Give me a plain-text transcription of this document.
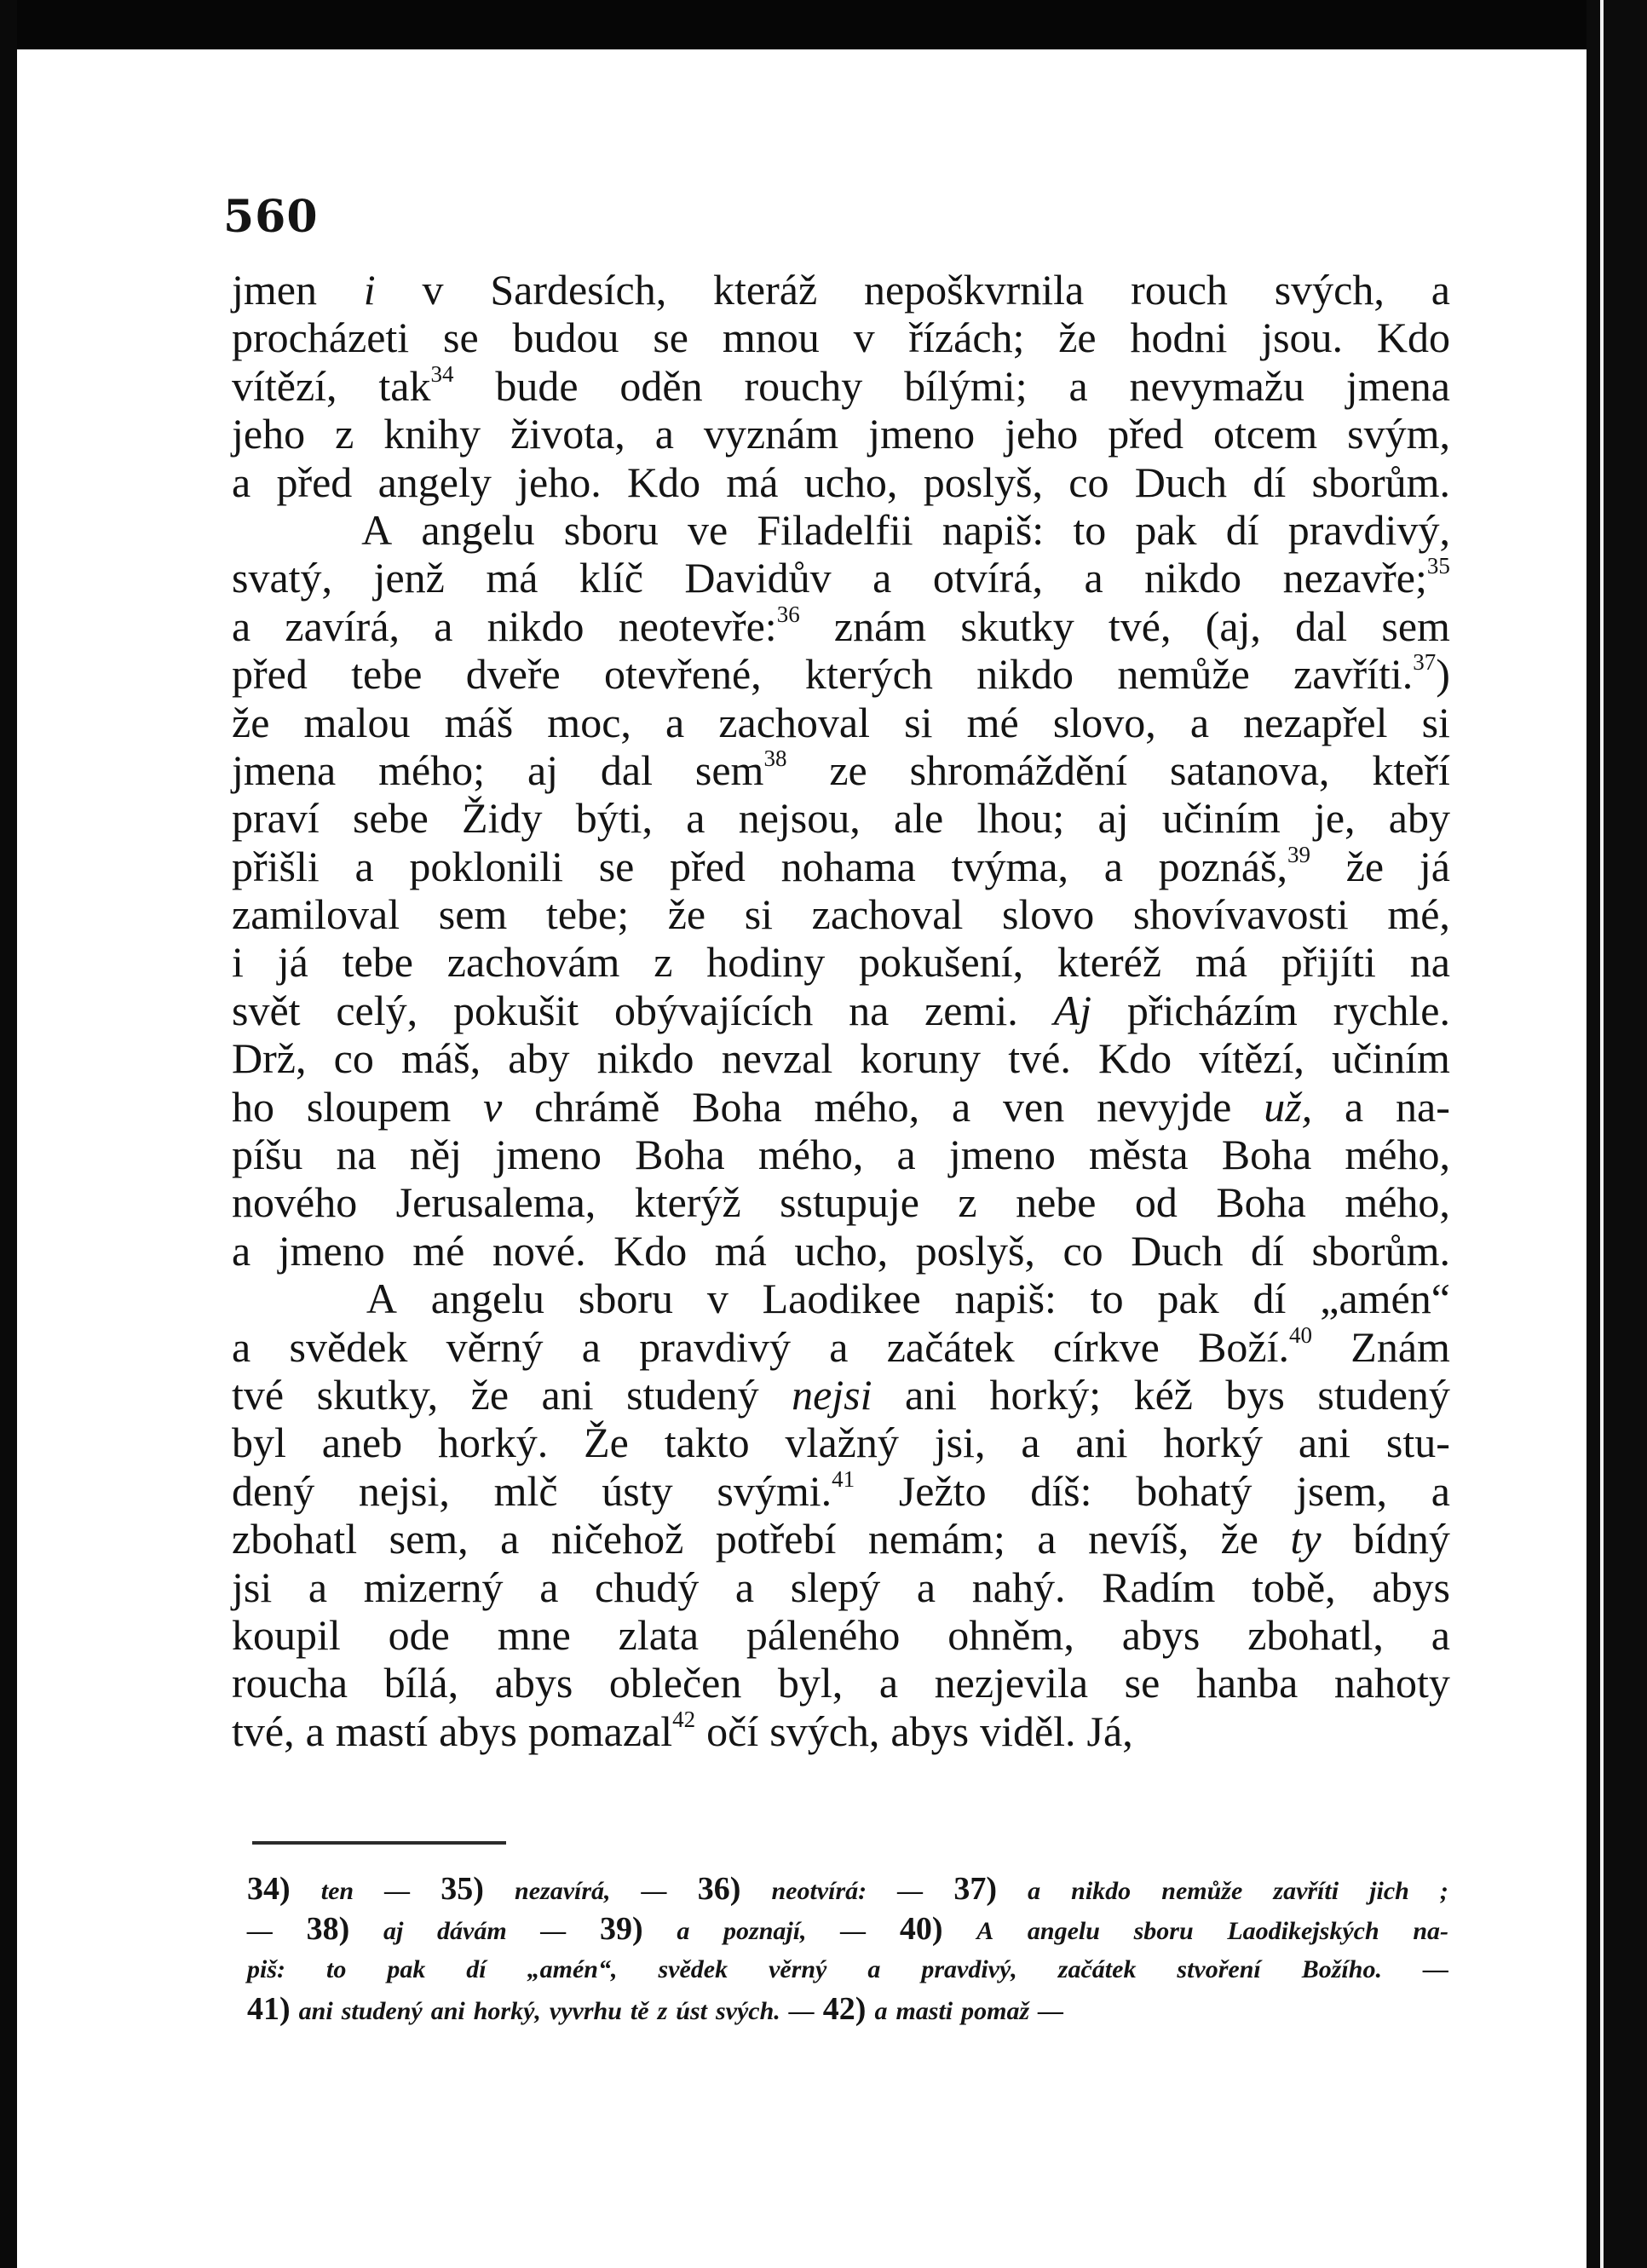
560
jmen i v Sardesích, kteráž nepoškvrnila rouch svých, a
procházeti se budou se mnou v řízách; že hodni jsou. Kdo
vítězí, tak$^{34}$ bude oděn rouchy bílými; a nevymažu jmena
jeho z knihy života, a vyznám jmeno jeho před otcem svým,
a před angely jeho. Kdo má ucho, poslyš, co Duch dí sborům.
A angelu sboru ve Filadelfii napiš: to pak dí pravdivý,
svatý, jenž má klíč Davidův a otvírá, a nikdo nezavře;$^{35}$
a zavírá, a nikdo neotevře:$^{36}$ znám skutky tvé, (aj, dal sem
před tebe dveře otevřené, kterých nikdo nemůže zavříti.$^{37}$)
že malou máš moc, a zachoval si mé slovo, a nezapřel si
jmena mého; aj dal sem$^{38}$ ze shromáždění satanova, kteří
praví sebe Židy býti, a nejsou, ale lhou; aj učiním je, aby
přišli a poklonili se před nohama tvýma, a poznáš,$^{39}$ že já
zamiloval sem tebe; že si zachoval slovo shovívavosti mé,
i já tebe zachovám z hodiny pokušení, kteréž má přijíti na
svět celý, pokušit obývajících na zemi. Aj přicházím rychle.
Drž, co máš, aby nikdo nevzal koruny tvé. Kdo vítězí, učiním
ho sloupem v chrámě Boha mého, a ven nevyjde už, a na-
píšu na něj jmeno Boha mého, a jmeno města Boha mého,
nového Jerusalema, kterýž sstupuje z nebe od Boha mého,
a jmeno mé nové. Kdo má ucho, poslyš, co Duch dí sborům.
A angelu sboru v Laodikee napiš: to pak dí „amén“
a svědek věrný a pravdivý a začátek církve Boží.$^{40}$ Znám
tvé skutky, že ani studený nejsi ani horký; kéž bys studený
byl aneb horký. Že takto vlažný jsi, a ani horký ani stu-
dený nejsi, mlč ústy svými.$^{41}$ Ježto díš: bohatý jsem, a
zbohatl sem, a ničehož potřebí nemám; a nevíš, že ty bídný
jsi a mizerný a chudý a slepý a nahý. Radím tobě, abys
koupil ode mne zlata páleného ohněm, abys zbohatl, a
roucha bílá, abys oblečen byl, a nezjevila se hanba nahoty
tvé, a mastí abys pomazal$^{42}$ očí svých, abys viděl. Já,
34) ten — 35) nezavírá, — 36) neotvírá: — 37) a nikdo nemůže zavříti jich ;
— 38) aj dávám — 39) a poznají, — 40) A angelu sboru Laodikejských na-
piš: to pak dí „amén“, svědek věrný a pravdivý, začátek stvoření Božího. —
41) ani studený ani horký, vyvrhu tě z úst svých. — 42) a masti pomaž —
